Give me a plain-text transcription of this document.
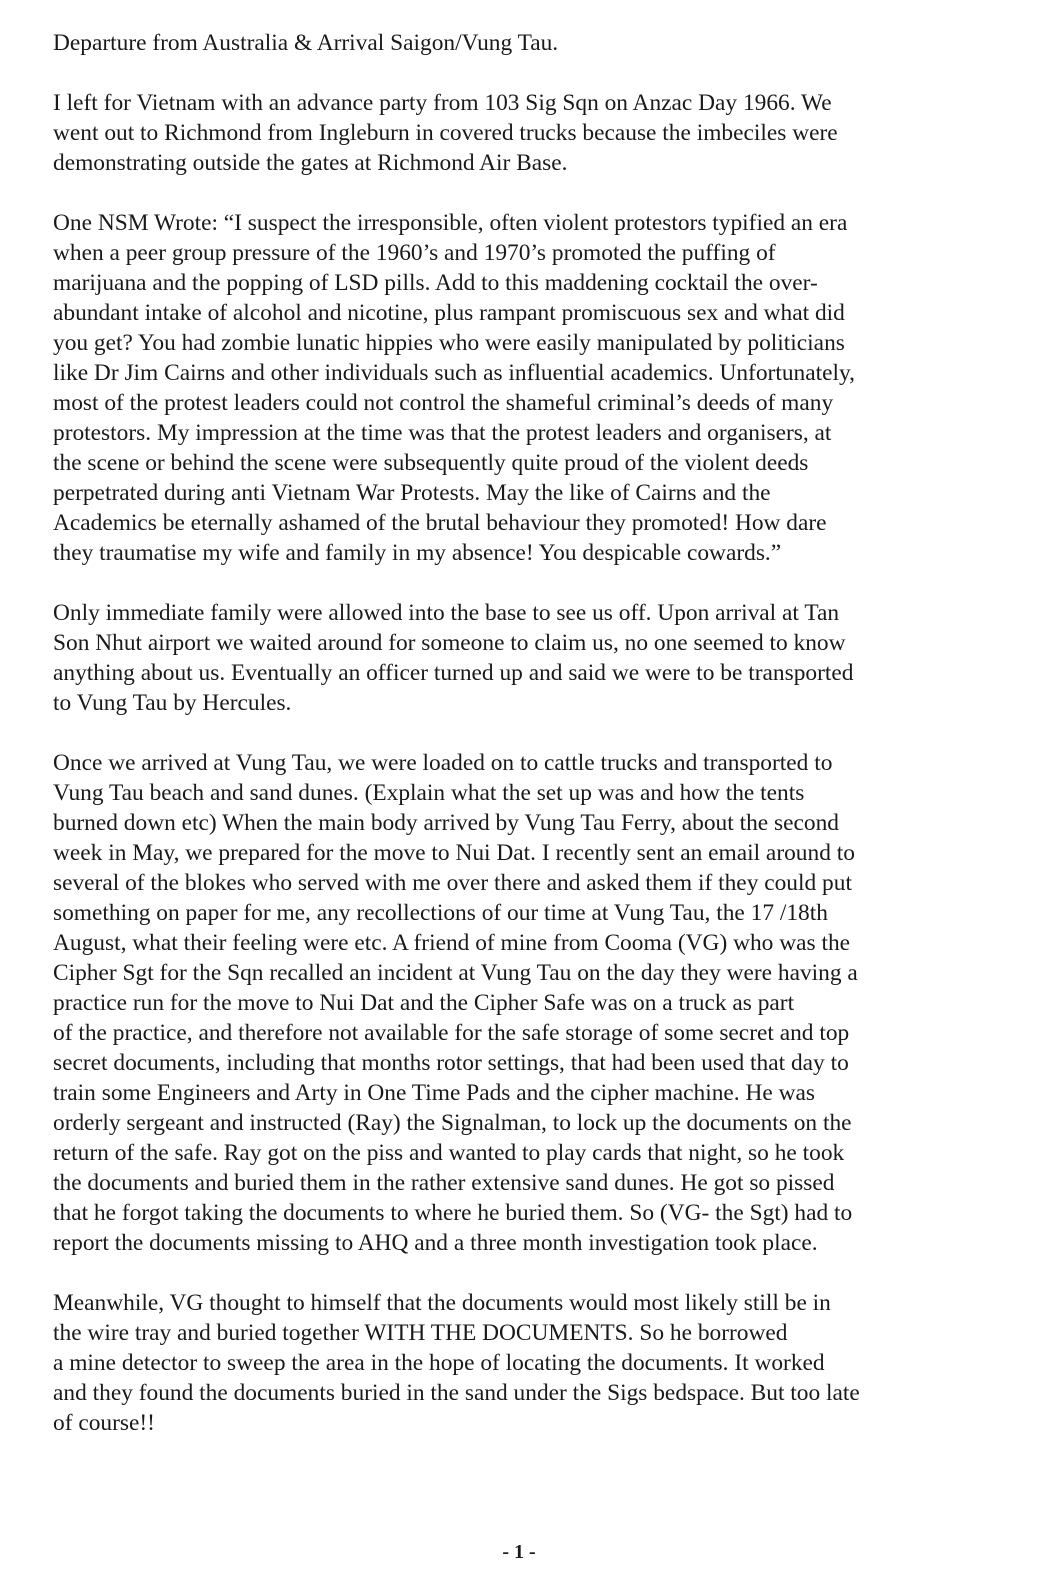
Departure from Australia & Arrival Saigon/Vung Tau.
I left for Vietnam with an advance party from 103 Sig Sqn on Anzac Day 1966. We
went out to Richmond from Ingleburn in covered trucks because the imbeciles were
demonstrating outside the gates at Richmond Air Base.
One NSM Wrote: “I suspect the irresponsible, often violent protestors typified an era
when a peer group pressure of the 1960’s and 1970’s promoted the puffing of
marijuana and the popping of LSD pills. Add to this maddening cocktail the over-
abundant intake of alcohol and nicotine, plus rampant promiscuous sex and what did
you get? You had zombie lunatic hippies who were easily manipulated by politicians
like Dr Jim Cairns and other individuals such as influential academics. Unfortunately,
most of the protest leaders could not control the shameful criminal’s deeds of many
protestors. My impression at the time was that the protest leaders and organisers, at
the scene or behind the scene were subsequently quite proud of the violent deeds
perpetrated during anti Vietnam War Protests. May the like of Cairns and the
Academics be eternally ashamed of the brutal behaviour they promoted! How dare
they traumatise my wife and family in my absence! You despicable cowards.”
Only immediate family were allowed into the base to see us off. Upon arrival at Tan
Son Nhut airport we waited around for someone to claim us, no one seemed to know
anything about us. Eventually an officer turned up and said we were to be transported
to Vung Tau by Hercules.
Once we arrived at Vung Tau, we were loaded on to cattle trucks and transported to
Vung Tau beach and sand dunes. (Explain what the set up was and how the tents
burned down etc) When the main body arrived by Vung Tau Ferry, about the second
week in May, we prepared for the move to Nui Dat. I recently sent an email around to
several of the blokes who served with me over there and asked them if they could put
something on paper for me, any recollections of our time at Vung Tau, the 17 /18th
August, what their feeling were etc. A friend of mine from Cooma (VG) who was the
Cipher Sgt for the Sqn recalled an incident at Vung Tau on the day they were having a
practice run for the move to Nui Dat and the Cipher Safe was on a truck as part
of the practice, and therefore not available for the safe storage of some secret and top
secret documents, including that months rotor settings, that had been used that day to
train some Engineers and Arty in One Time Pads and the cipher machine. He was
orderly sergeant and instructed (Ray) the Signalman, to lock up the documents on the
return of the safe. Ray got on the piss and wanted to play cards that night, so he took
the documents and buried them in the rather extensive sand dunes. He got so pissed
that he forgot taking the documents to where he buried them. So (VG- the Sgt) had to
report the documents missing to AHQ and a three month investigation took place.
Meanwhile, VG thought to himself that the documents would most likely still be in
the wire tray and buried together WITH THE DOCUMENTS. So he borrowed
a mine detector to sweep the area in the hope of locating the documents. It worked
and they found the documents buried in the sand under the Sigs bedspace. But too late
of course!!
- 1 -
